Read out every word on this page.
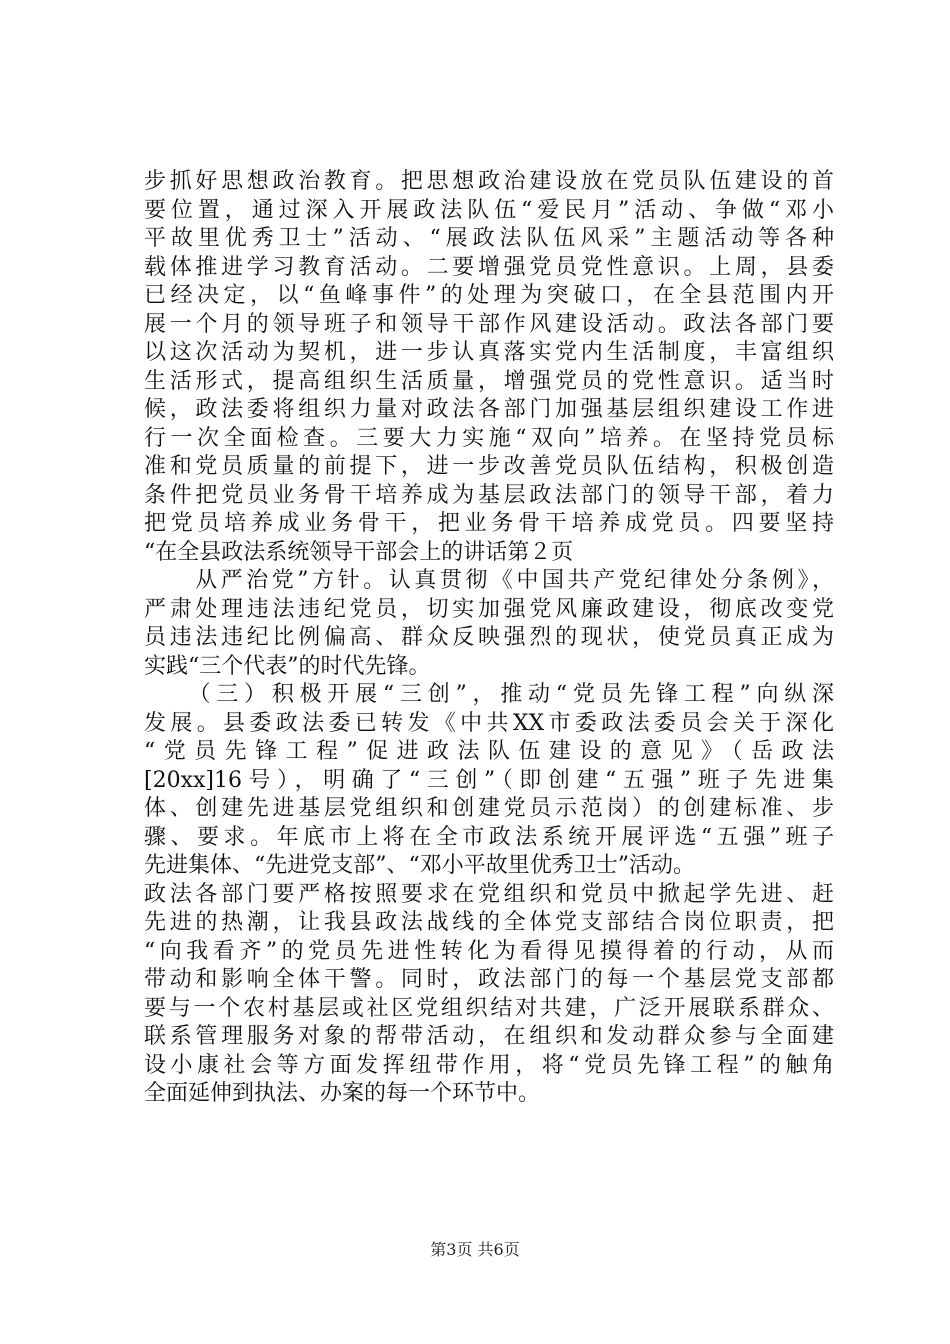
步抓好思想政治教育。把思想政治建设放在党员队伍建设的首
要位置，通过深入开展政法队伍“爱民月”活动、争做“邓小
平故里优秀卫士”活动、“展政法队伍风采”主题活动等各种
载体推进学习教育活动。二要增强党员党性意识。上周，县委
已经决定，以“鱼峰事件”的处理为突破口，在全县范围内开
展一个月的领导班子和领导干部作风建设活动。政法各部门要
以这次活动为契机，进一步认真落实党内生活制度，丰富组织
生活形式，提高组织生活质量，增强党员的党性意识。适当时
候，政法委将组织力量对政法各部门加强基层组织建设工作进
行一次全面检查。三要大力实施“双向”培养。在坚持党员标
准和党员质量的前提下，进一步改善党员队伍结构，积极创造
条件把党员业务骨干培养成为基层政法部门的领导干部，着力
把党员培养成业务骨干，把业务骨干培养成党员。四要坚持
“在全县政法系统领导干部会上的讲话第２页
　　从严治党”方针。认真贯彻《中国共产党纪律处分条例》，
严肃处理违法违纪党员，切实加强党风廉政建设，彻底改变党
员违法违纪比例偏高、群众反映强烈的现状，使党员真正成为
实践“三个代表”的时代先锋。
　　（三）积极开展“三创”，推动“党员先锋工程”向纵深
发展。县委政法委已转发《中共XX市委政法委员会关于深化
“党员先锋工程”促进政法队伍建设的意见》（岳政法
[20xx]16号），明确了“三创”（即创建“五强”班子先进集
体、创建先进基层党组织和创建党员示范岗）的创建标准、步
骤、要求。年底市上将在全市政法系统开展评选“五强”班子
先进集体、“先进党支部”、“邓小平故里优秀卫士”活动。
政法各部门要严格按照要求在党组织和党员中掀起学先进、赶
先进的热潮，让我县政法战线的全体党支部结合岗位职责，把
“向我看齐”的党员先进性转化为看得见摸得着的行动，从而
带动和影响全体干警。同时，政法部门的每一个基层党支部都
要与一个农村基层或社区党组织结对共建，广泛开展联系群众、
联系管理服务对象的帮带活动，在组织和发动群众参与全面建
设小康社会等方面发挥纽带作用，将“党员先锋工程”的触角
全面延伸到执法、办案的每一个环节中。
第3页 共6页
